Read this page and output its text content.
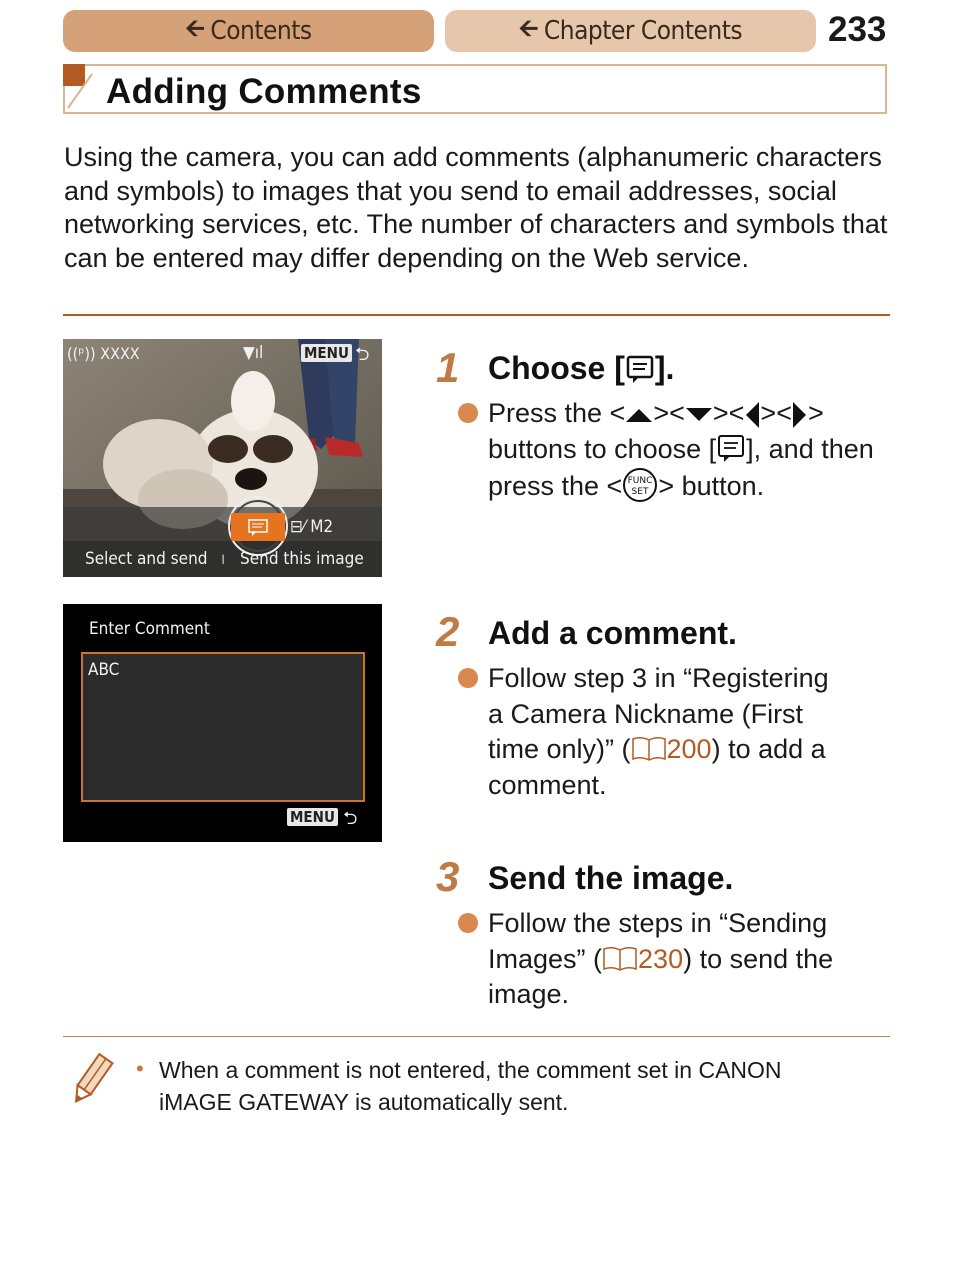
🡨 Contents	🡨 Chapter Contents 233
Adding Comments

Using the camera, you can add comments (alphanumeric characters and symbols) to images that you send to email addresses, social networking services, etc. The number of characters and symbols that can be entered may differ depending on the Web service.

((ᵖ)) XXXX	▼ıl	MENU ⮌
⊟⁄ M2
Select and send ı Send this image
Enter Comment
ABC
MENU ⮌
1 Choose [ ].
Press the < >< >< >< >
buttons to choose [ ], and then
press the < FUNC
SET > button.
2 Add a comment.
Follow step 3 in “Registering
a Camera Nickname (First
time only)” ( 200) to add a
comment.
3 Send the image.
Follow the steps in “Sending
Images” ( 230) to send the
image.
• When a comment is not entered, the comment set in CANON iMAGE GATEWAY is automatically sent.
